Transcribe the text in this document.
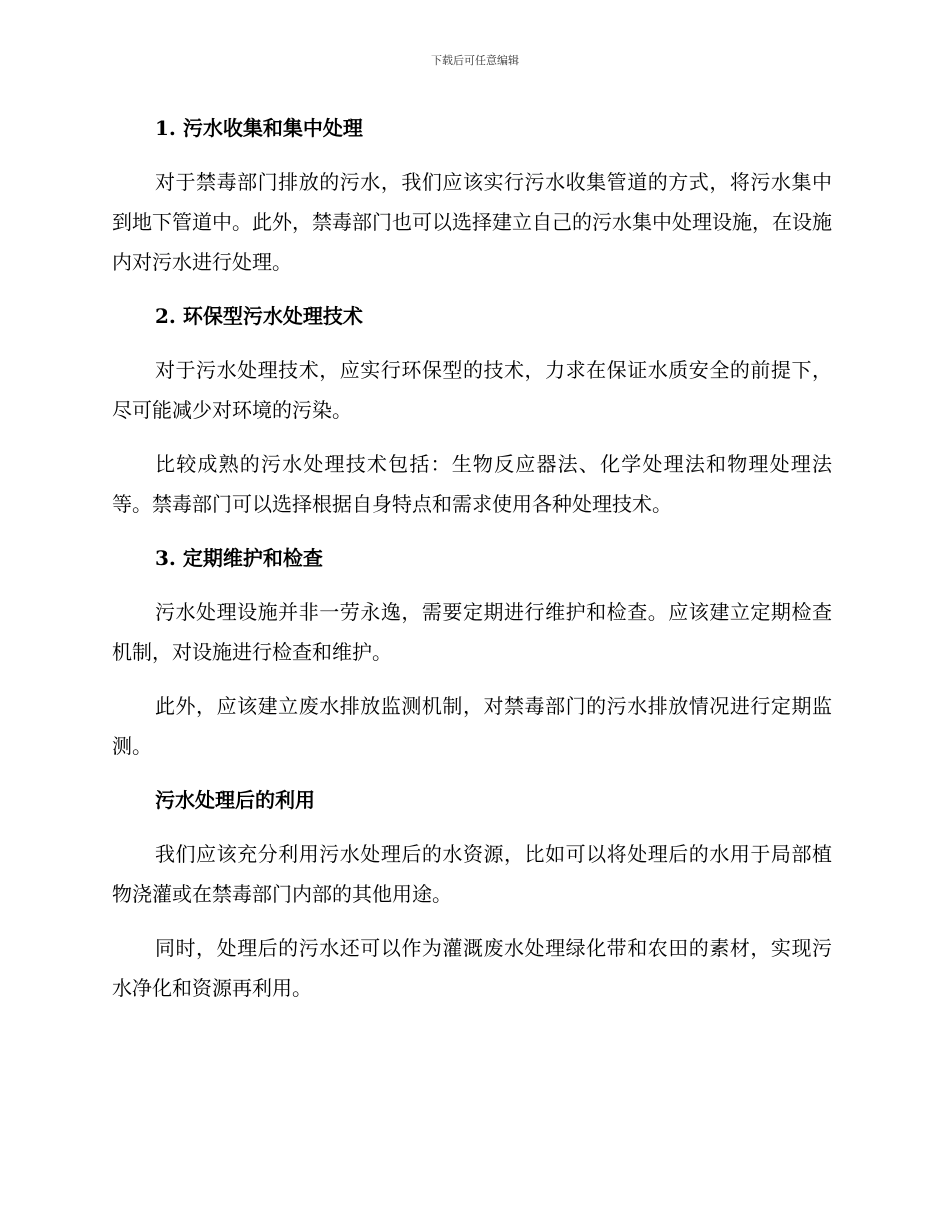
下载后可任意编辑
1. 污水收集和集中处理

对于禁毒部门排放的污水，我们应该实行污水收集管道的方式，将污水集中到地下管道中。此外，禁毒部门也可以选择建立自己的污水集中处理设施，在设施内对污水进行处理。

2. 环保型污水处理技术

对于污水处理技术，应实行环保型的技术，力求在保证水质安全的前提下，尽可能减少对环境的污染。

比较成熟的污水处理技术包括：生物反应器法、化学处理法和物理处理法等。禁毒部门可以选择根据自身特点和需求使用各种处理技术。

3. 定期维护和检查

污水处理设施并非一劳永逸，需要定期进行维护和检查。应该建立定期检查机制，对设施进行检查和维护。

此外，应该建立废水排放监测机制，对禁毒部门的污水排放情况进行定期监测。

污水处理后的利用

我们应该充分利用污水处理后的水资源，比如可以将处理后的水用于局部植物浇灌或在禁毒部门内部的其他用途。

同时，处理后的污水还可以作为灌溉废水处理绿化带和农田的素材，实现污水净化和资源再利用。
